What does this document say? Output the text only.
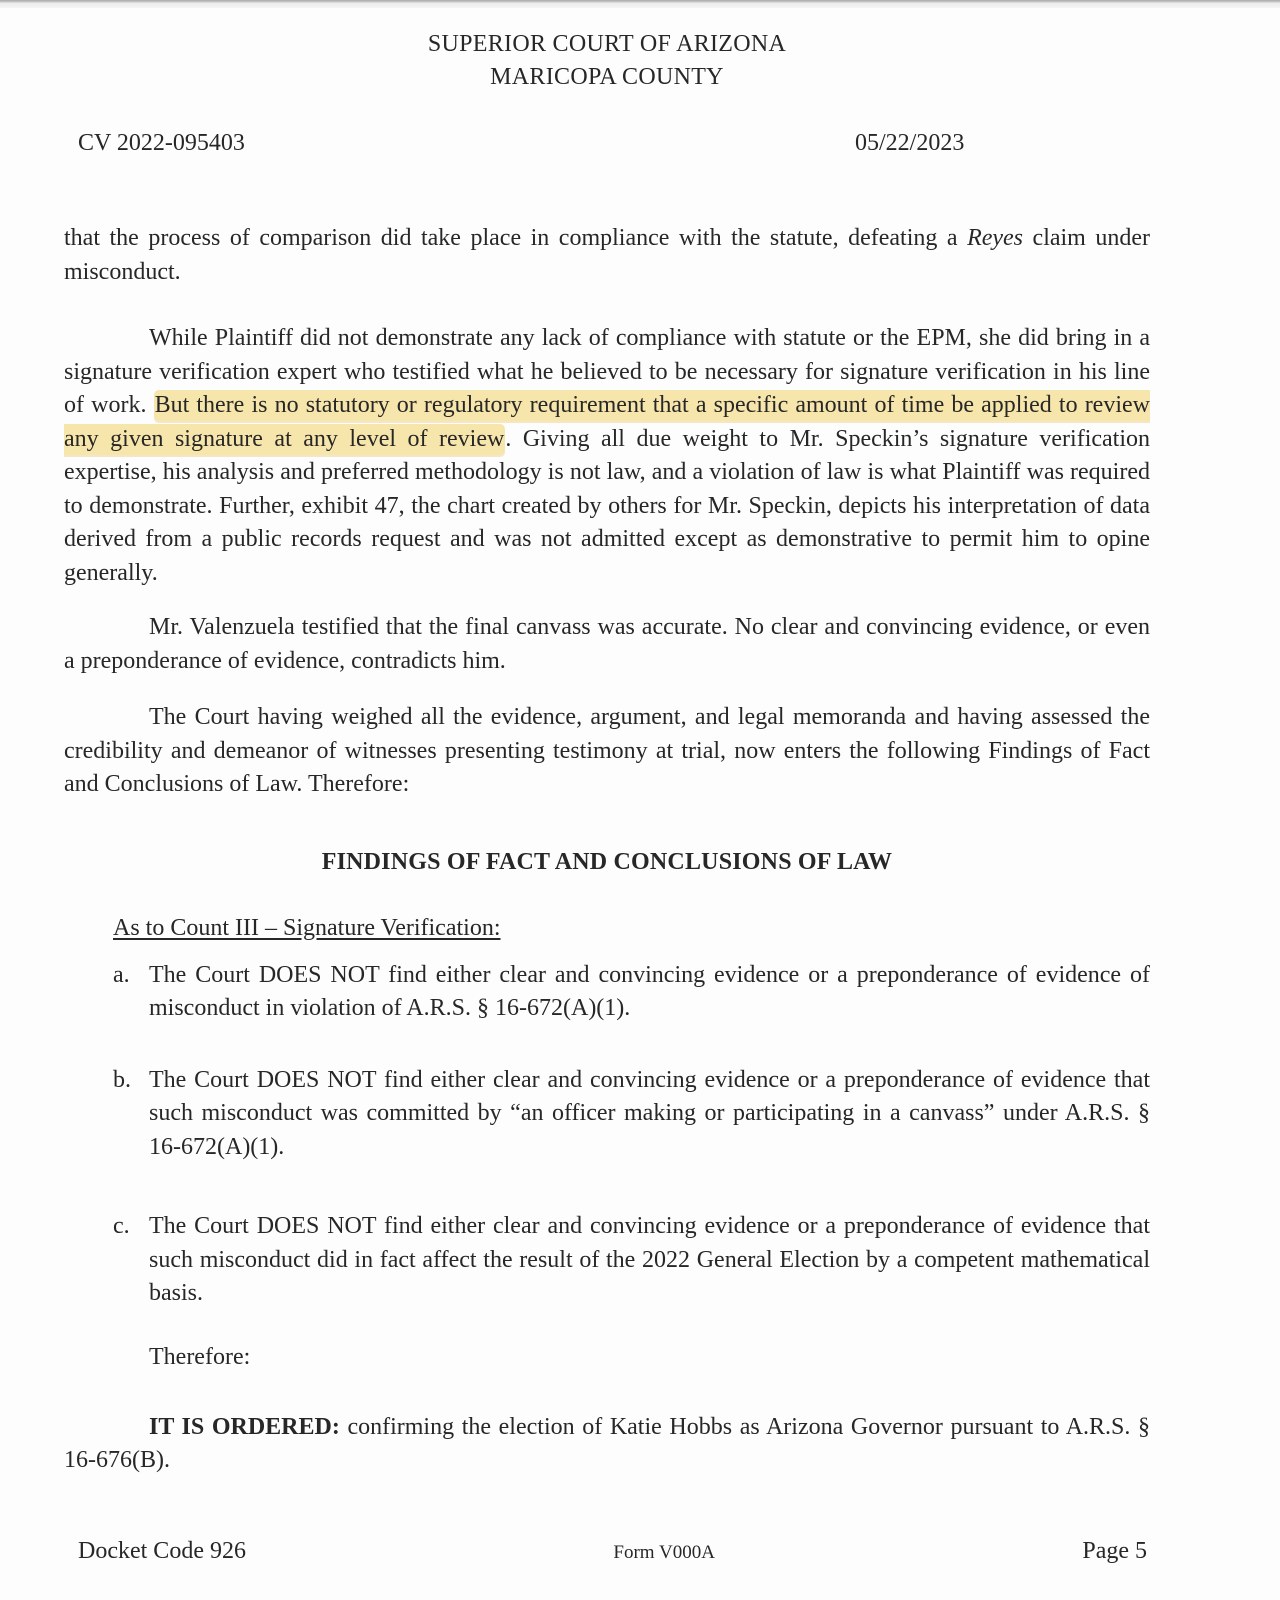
SUPERIOR COURT OF ARIZONA
MARICOPA COUNTY
CV 2022-095403	05/22/2023

that the process of comparison did take place in compliance with the statute, defeating a Reyes claim under misconduct.

While Plaintiff did not demonstrate any lack of compliance with statute or the EPM, she did bring in a signature verification expert who testified what he believed to be necessary for signature verification in his line of work. But there is no statutory or regulatory requirement that a specific amount of time be applied to review any given signature at any level of review. Giving all due weight to Mr. Speckin’s signature verification expertise, his analysis and preferred methodology is not law, and a violation of law is what Plaintiff was required to demonstrate. Further, exhibit 47, the chart created by others for Mr. Speckin, depicts his interpretation of data derived from a public records request and was not admitted except as demonstrative to permit him to opine generally.

Mr. Valenzuela testified that the final canvass was accurate. No clear and convincing evidence, or even a preponderance of evidence, contradicts him.

The Court having weighed all the evidence, argument, and legal memoranda and having assessed the credibility and demeanor of witnesses presenting testimony at trial, now enters the following Findings of Fact and Conclusions of Law. Therefore:

FINDINGS OF FACT AND CONCLUSIONS OF LAW
As to Count III – Signature Verification:
a. The Court DOES NOT find either clear and convincing evidence or a preponderance of evidence of misconduct in violation of A.R.S. § 16-672(A)(1).
b. The Court DOES NOT find either clear and convincing evidence or a preponderance of evidence that such misconduct was committed by “an officer making or participating in a canvass” under A.R.S. § 16-672(A)(1).
c. The Court DOES NOT find either clear and convincing evidence or a preponderance of evidence that such misconduct did in fact affect the result of the 2022 General Election by a competent mathematical basis.
Therefore:

IT IS ORDERED: confirming the election of Katie Hobbs as Arizona Governor pursuant to A.R.S. § 16-676(B).

Docket Code 926	Form V000A	Page 5
